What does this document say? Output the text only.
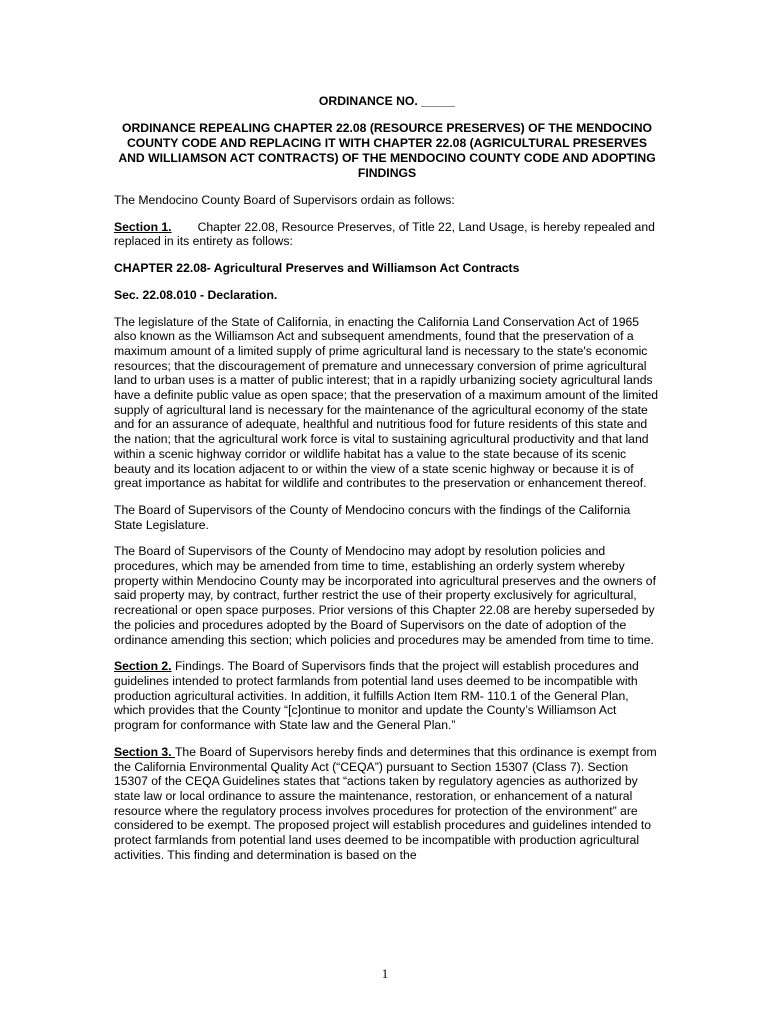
ORDINANCE NO. _____
ORDINANCE REPEALING CHAPTER 22.08 (RESOURCE PRESERVES) OF THE MENDOCINO COUNTY CODE AND REPLACING IT WITH CHAPTER 22.08 (AGRICULTURAL PRESERVES AND WILLIAMSON ACT CONTRACTS) OF THE MENDOCINO COUNTY CODE AND ADOPTING FINDINGS

The Mendocino County Board of Supervisors ordain as follows:

Section 1. Chapter 22.08, Resource Preserves, of Title 22, Land Usage, is hereby repealed and replaced in its entirety as follows:

CHAPTER 22.08- Agricultural Preserves and Williamson Act Contracts

Sec. 22.08.010 - Declaration.

The legislature of the State of California, in enacting the California Land Conservation Act of 1965 also known as the Williamson Act and subsequent amendments, found that the preservation of a maximum amount of a limited supply of prime agricultural land is necessary to the state's economic resources; that the discouragement of premature and unnecessary conversion of prime agricultural land to urban uses is a matter of public interest; that in a rapidly urbanizing society agricultural lands have a definite public value as open space; that the preservation of a maximum amount of the limited supply of agricultural land is necessary for the maintenance of the agricultural economy of the state and for an assurance of adequate, healthful and nutritious food for future residents of this state and the nation; that the agricultural work force is vital to sustaining agricultural productivity and that land within a scenic highway corridor or wildlife habitat has a value to the state because of its scenic beauty and its location adjacent to or within the view of a state scenic highway or because it is of great importance as habitat for wildlife and contributes to the preservation or enhancement thereof.

The Board of Supervisors of the County of Mendocino concurs with the findings of the California State Legislature.

The Board of Supervisors of the County of Mendocino may adopt by resolution policies and procedures, which may be amended from time to time, establishing an orderly system whereby property within Mendocino County may be incorporated into agricultural preserves and the owners of said property may, by contract, further restrict the use of their property exclusively for agricultural, recreational or open space purposes. Prior versions of this Chapter 22.08 are hereby superseded by the policies and procedures adopted by the Board of Supervisors on the date of adoption of the ordinance amending this section; which policies and procedures may be amended from time to time.

Section 2. Findings. The Board of Supervisors finds that the project will establish procedures and guidelines intended to protect farmlands from potential land uses deemed to be incompatible with production agricultural activities. In addition, it fulfills Action Item RM- 110.1 of the General Plan, which provides that the County “[c]ontinue to monitor and update the County’s Williamson Act program for conformance with State law and the General Plan.”

Section 3. The Board of Supervisors hereby finds and determines that this ordinance is exempt from the California Environmental Quality Act (“CEQA”) pursuant to Section 15307 (Class 7). Section 15307 of the CEQA Guidelines states that “actions taken by regulatory agencies as authorized by state law or local ordinance to assure the maintenance, restoration, or enhancement of a natural resource where the regulatory process involves procedures for protection of the environment” are considered to be exempt. The proposed project will establish procedures and guidelines intended to protect farmlands from potential land uses deemed to be incompatible with production agricultural activities. This finding and determination is based on the

1
